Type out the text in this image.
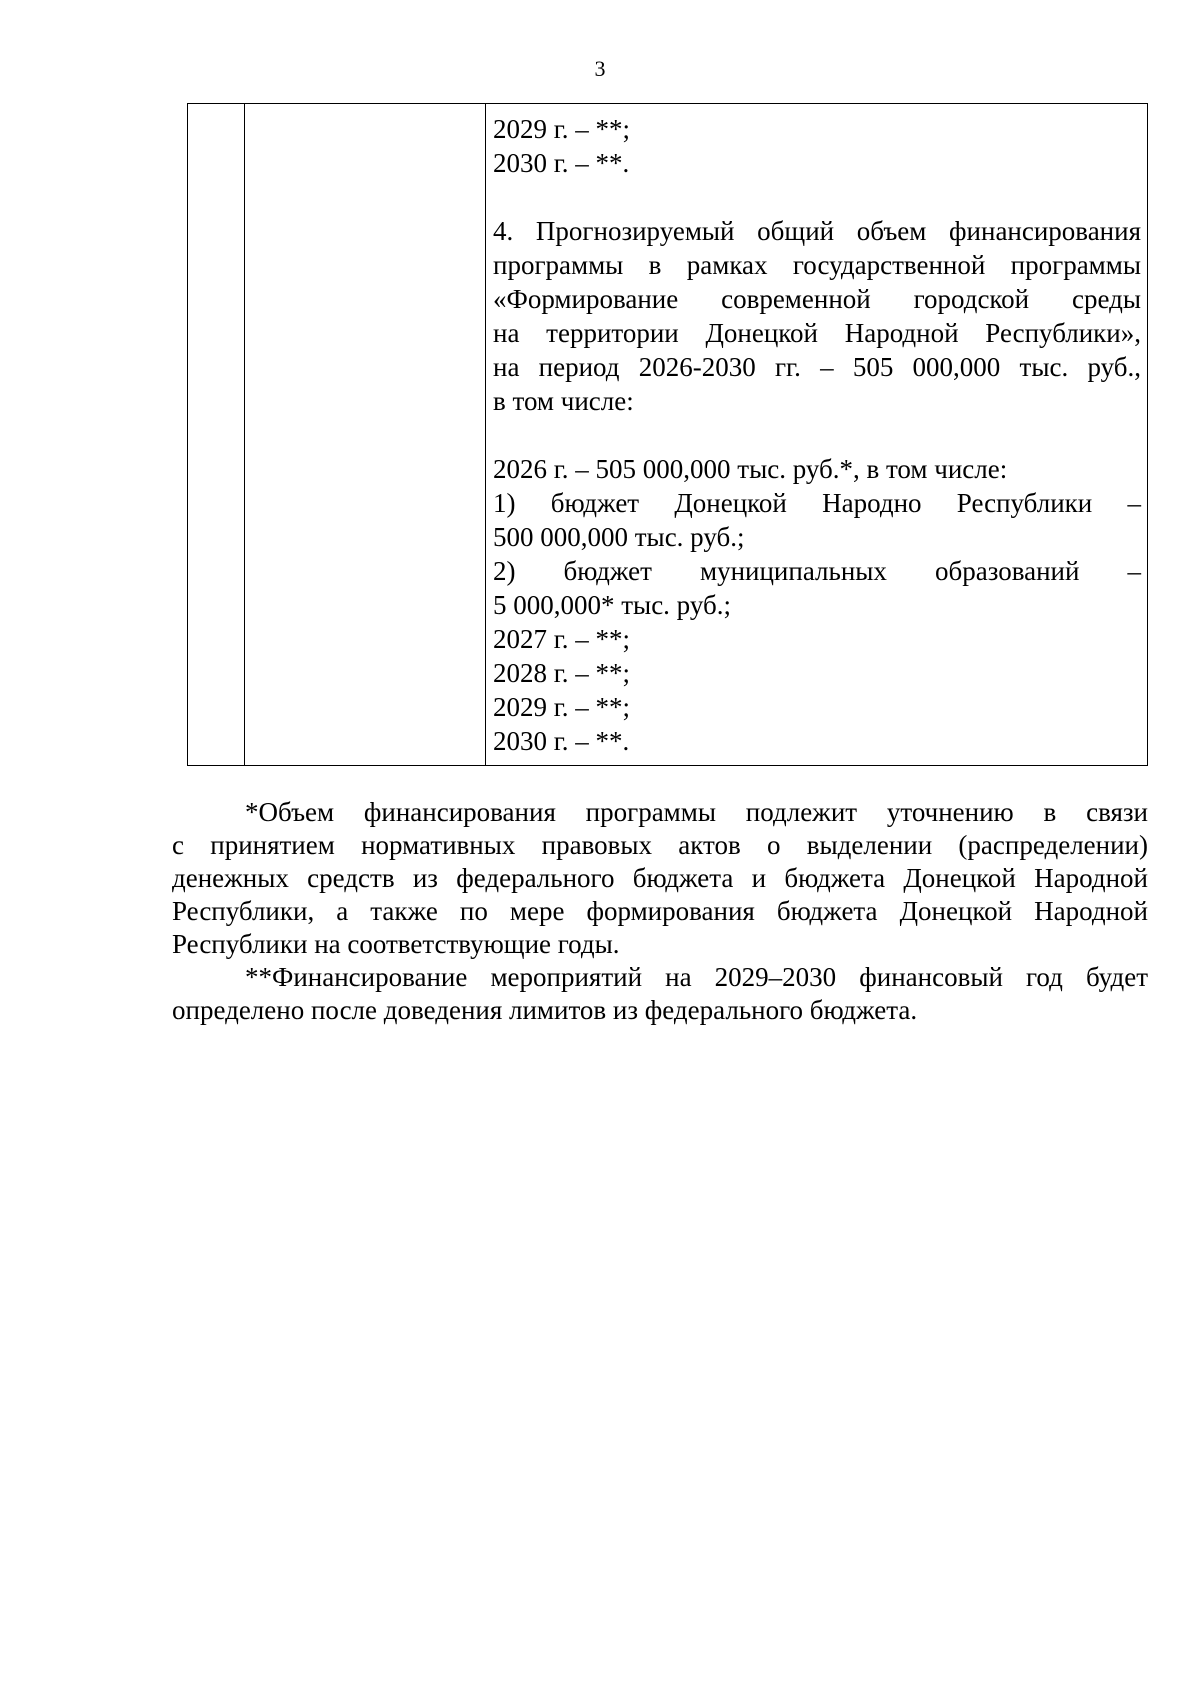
3
2029 г. – **;
2030 г. – **.
4. Прогнозируемый общий объем финансирования
программы в рамках государственной программы
«Формирование современной городской среды
на территории Донецкой Народной Республики»,
на период 2026-2030 гг. – 505 000,000 тыс. руб.,
в том числе:
2026 г. – 505 000,000 тыс. руб.*, в том числе:
1) бюджет Донецкой Народно Республики –
500 000,000 тыс. руб.;
2) бюджет муниципальных образований –
5 000,000* тыс. руб.;
2027 г. – **;
2028 г. – **;
2029 г. – **;
2030 г. – **.
*Объем финансирования программы подлежит уточнению в связи
с принятием нормативных правовых актов о выделении (распределении)
денежных средств из федерального бюджета и бюджета Донецкой Народной
Республики, а также по мере формирования бюджета Донецкой Народной
Республики на соответствующие годы.
**Финансирование мероприятий на 2029–2030 финансовый год будет
определено после доведения лимитов из федерального бюджета.
